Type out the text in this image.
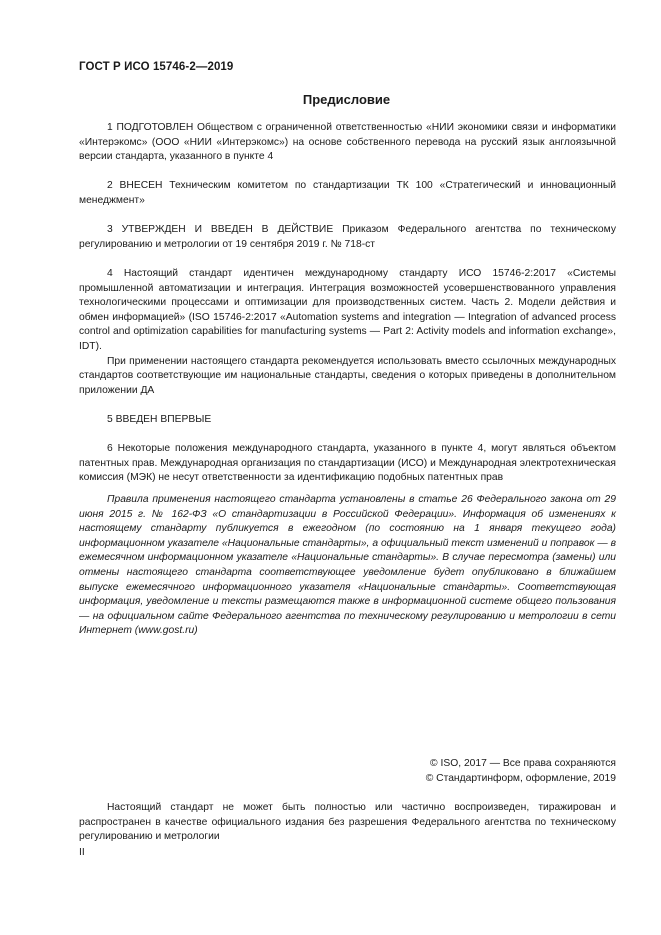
ГОСТ Р ИСО 15746-2—2019
Предисловие

1 ПОДГОТОВЛЕН Обществом с ограниченной ответственностью «НИИ экономики связи и информатики «Интерэкомс» (ООО «НИИ «Интерэкомс») на основе собственного перевода на русский язык англоязычной версии стандарта, указанного в пункте 4

2 ВНЕСЕН Техническим комитетом по стандартизации ТК 100 «Стратегический и инновационный менеджмент»

3 УТВЕРЖДЕН И ВВЕДЕН В ДЕЙСТВИЕ Приказом Федерального агентства по техническому регулированию и метрологии от 19 сентября 2019 г. № 718-ст

4 Настоящий стандарт идентичен международному стандарту ИСО 15746-2:2017 «Системы промышленной автоматизации и интеграция. Интеграция возможностей усовершенствованного управления технологическими процессами и оптимизации для производственных систем. Часть 2. Модели действия и обмен информацией» (ISO 15746-2:2017 «Automation systems and integration — Integration of advanced process control and optimization capabilities for manufacturing systems — Part 2: Activity models and information exchange», IDT).

При применении настоящего стандарта рекомендуется использовать вместо ссылочных международных стандартов соответствующие им национальные стандарты, сведения о которых приведены в дополнительном приложении ДА

5 ВВЕДЕН ВПЕРВЫЕ

6 Некоторые положения международного стандарта, указанного в пункте 4, могут являться объектом патентных прав. Международная организация по стандартизации (ИСО) и Международная электротехническая комиссия (МЭК) не несут ответственности за идентификацию подобных патентных прав

Правила применения настоящего стандарта установлены в статье 26 Федерального закона от 29 июня 2015 г. № 162-ФЗ «О стандартизации в Российской Федерации». Информация об изменениях к настоящему стандарту публикуется в ежегодном (по состоянию на 1 января текущего года) информационном указателе «Национальные стандарты», а официальный текст изменений и поправок — в ежемесячном информационном указателе «Национальные стандарты». В случае пересмотра (замены) или отмены настоящего стандарта соответствующее уведомление будет опубликовано в ближайшем выпуске ежемесячного информационного указателя «Национальные стандарты». Соответствующая информация, уведомление и тексты размещаются также в информационной системе общего пользования — на официальном сайте Федерального агентства по техническому регулированию и метрологии в сети Интернет (www.gost.ru)

© ISO, 2017 — Все права сохраняются
© Стандартинформ, оформление, 2019

Настоящий стандарт не может быть полностью или частично воспроизведен, тиражирован и распространен в качестве официального издания без разрешения Федерального агентства по техническому регулированию и метрологии

II
